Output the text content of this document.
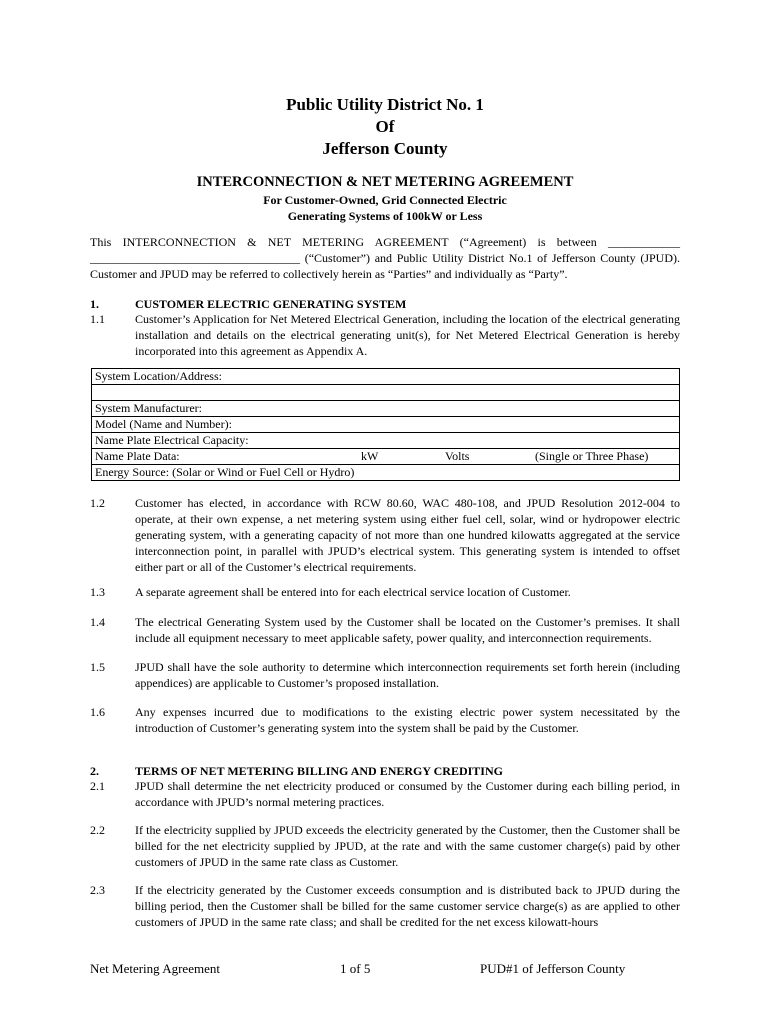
Public Utility District No. 1
Of
Jefferson County
INTERCONNECTION & NET METERING AGREEMENT
For Customer-Owned, Grid Connected Electric
Generating Systems of 100kW or Less
This INTERCONNECTION & NET METERING AGREEMENT (“Agreement) is between ____________ ___________________________________ (“Customer”) and Public Utility District No.1 of Jefferson County (JPUD). Customer and JPUD may be referred to collectively herein as “Parties” and individually as “Party”.
1.	CUSTOMER ELECTRIC GENERATING SYSTEM
1.1	Customer’s Application for Net Metered Electrical Generation, including the location of the electrical generating installation and details on the electrical generating unit(s), for Net Metered Electrical Generation is hereby incorporated into this agreement as Appendix A.
System Location/Address:

System Manufacturer:
Model (Name and Number):
Name Plate Electrical Capacity:

Name Plate Data:	kW	Volts	(Single or Three Phase)

Energy Source: (Solar or Wind or Fuel Cell or Hydro)
1.2	Customer has elected, in accordance with RCW 80.60, WAC 480-108, and JPUD Resolution 2012-004 to operate, at their own expense, a net metering system using either fuel cell, solar, wind or hydropower electric generating system, with a generating capacity of not more than one hundred kilowatts aggregated at the service interconnection point, in parallel with JPUD’s electrical system. This generating system is intended to offset either part or all of the Customer’s electrical requirements.
1.3	A separate agreement shall be entered into for each electrical service location of Customer.
1.4	The electrical Generating System used by the Customer shall be located on the Customer’s premises. It shall include all equipment necessary to meet applicable safety, power quality, and interconnection requirements.
1.5	JPUD shall have the sole authority to determine which interconnection requirements set forth herein (including appendices) are applicable to Customer’s proposed installation.
1.6	Any expenses incurred due to modifications to the existing electric power system necessitated by the introduction of Customer’s generating system into the system shall be paid by the Customer.
2.	TERMS OF NET METERING BILLING AND ENERGY CREDITING
2.1	JPUD shall determine the net electricity produced or consumed by the Customer during each billing period, in accordance with JPUD’s normal metering practices.
2.2	If the electricity supplied by JPUD exceeds the electricity generated by the Customer, then the Customer shall be billed for the net electricity supplied by JPUD, at the rate and with the same customer charge(s) paid by other customers of JPUD in the same rate class as Customer.
2.3	If the electricity generated by the Customer exceeds consumption and is distributed back to JPUD during the billing period, then the Customer shall be billed for the same customer service charge(s) as are applied to other customers of JPUD in the same rate class; and shall be credited for the net excess kilowatt-hours
Net Metering Agreement	1 of 5	PUD#1 of Jefferson County
